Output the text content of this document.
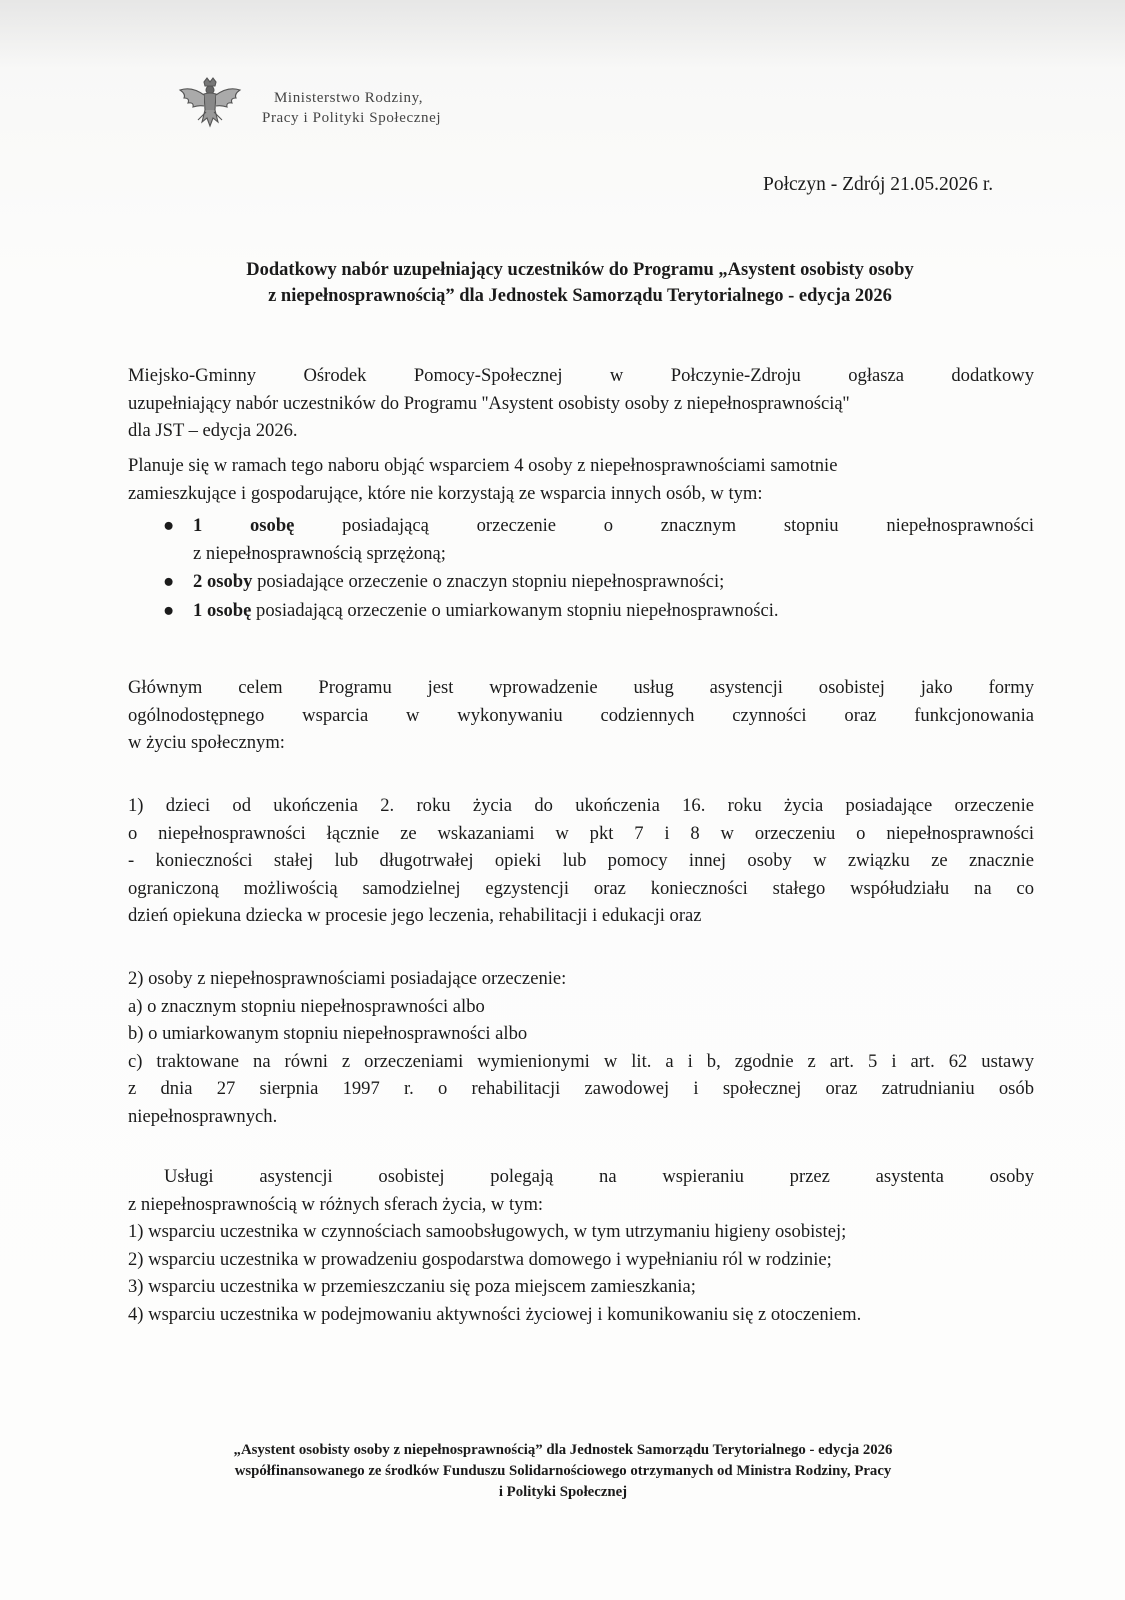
Ministerstwo Rodziny,
Pracy i Polityki Społecznej
Połczyn - Zdrój 21.05.2026 r.
Dodatkowy nabór uzupełniający uczestników do Programu „Asystent osobisty osoby
z niepełnosprawnością” dla Jednostek Samorządu Terytorialnego - edycja 2026
Miejsko-Gminny Ośrodek Pomocy-Społecznej w Połczynie-Zdroju ogłasza dodatkowy
uzupełniający nabór uczestników do Programu ''Asystent osobisty osoby z niepełnosprawnością''
dla JST – edycja 2026.
Planuje się w ramach tego naboru objąć wsparciem 4 osoby z niepełnosprawnościami samotnie
zamieszkujące i gospodarujące, które nie korzystają ze wsparcia innych osób, w tym:
● 1 osobę	posiadającą orzeczenie o znacznym stopniu niepełnosprawności
z niepełnosprawnością sprzężoną;
● 2 osoby posiadające orzeczenie o znaczyn stopniu niepełnosprawności;
● 1 osobę posiadającą orzeczenie o umiarkowanym stopniu niepełnosprawności.
Głównym celem Programu jest wprowadzenie usług asystencji osobistej jako formy
ogólnodostępnego wsparcia w wykonywaniu codziennych czynności oraz funkcjonowania
w życiu społecznym:
1) dzieci od ukończenia 2. roku życia do ukończenia 16. roku życia posiadające orzeczenie
o niepełnosprawności łącznie ze wskazaniami w pkt 7 i 8 w orzeczeniu o niepełnosprawności
- konieczności stałej lub długotrwałej opieki lub pomocy innej osoby w związku ze znacznie
ograniczoną możliwością samodzielnej egzystencji oraz konieczności stałego współudziału na co
dzień opiekuna dziecka w procesie jego leczenia, rehabilitacji i edukacji oraz
2) osoby z niepełnosprawnościami posiadające orzeczenie:
a) o znacznym stopniu niepełnosprawności albo
b) o umiarkowanym stopniu niepełnosprawności albo
c) traktowane na równi z orzeczeniami wymienionymi w lit. a i b, zgodnie z art. 5 i art. 62 ustawy
z dnia 27 sierpnia 1997 r. o rehabilitacji zawodowej i społecznej oraz zatrudnianiu osób
niepełnosprawnych.
Usługi asystencji osobistej polegają na wspieraniu przez asystenta osoby
z niepełnosprawnością w różnych sferach życia, w tym:
1) wsparciu uczestnika w czynnościach samoobsługowych, w tym utrzymaniu higieny osobistej;
2) wsparciu uczestnika w prowadzeniu gospodarstwa domowego i wypełnianiu ról w rodzinie;
3) wsparciu uczestnika w przemieszczaniu się poza miejscem zamieszkania;
4) wsparciu uczestnika w podejmowaniu aktywności życiowej i komunikowaniu się z otoczeniem.
„Asystent osobisty osoby z niepełnosprawnością” dla Jednostek Samorządu Terytorialnego - edycja 2026
współfinansowanego ze środków Funduszu Solidarnościowego otrzymanych od Ministra Rodziny, Pracy
i Polityki Społecznej
